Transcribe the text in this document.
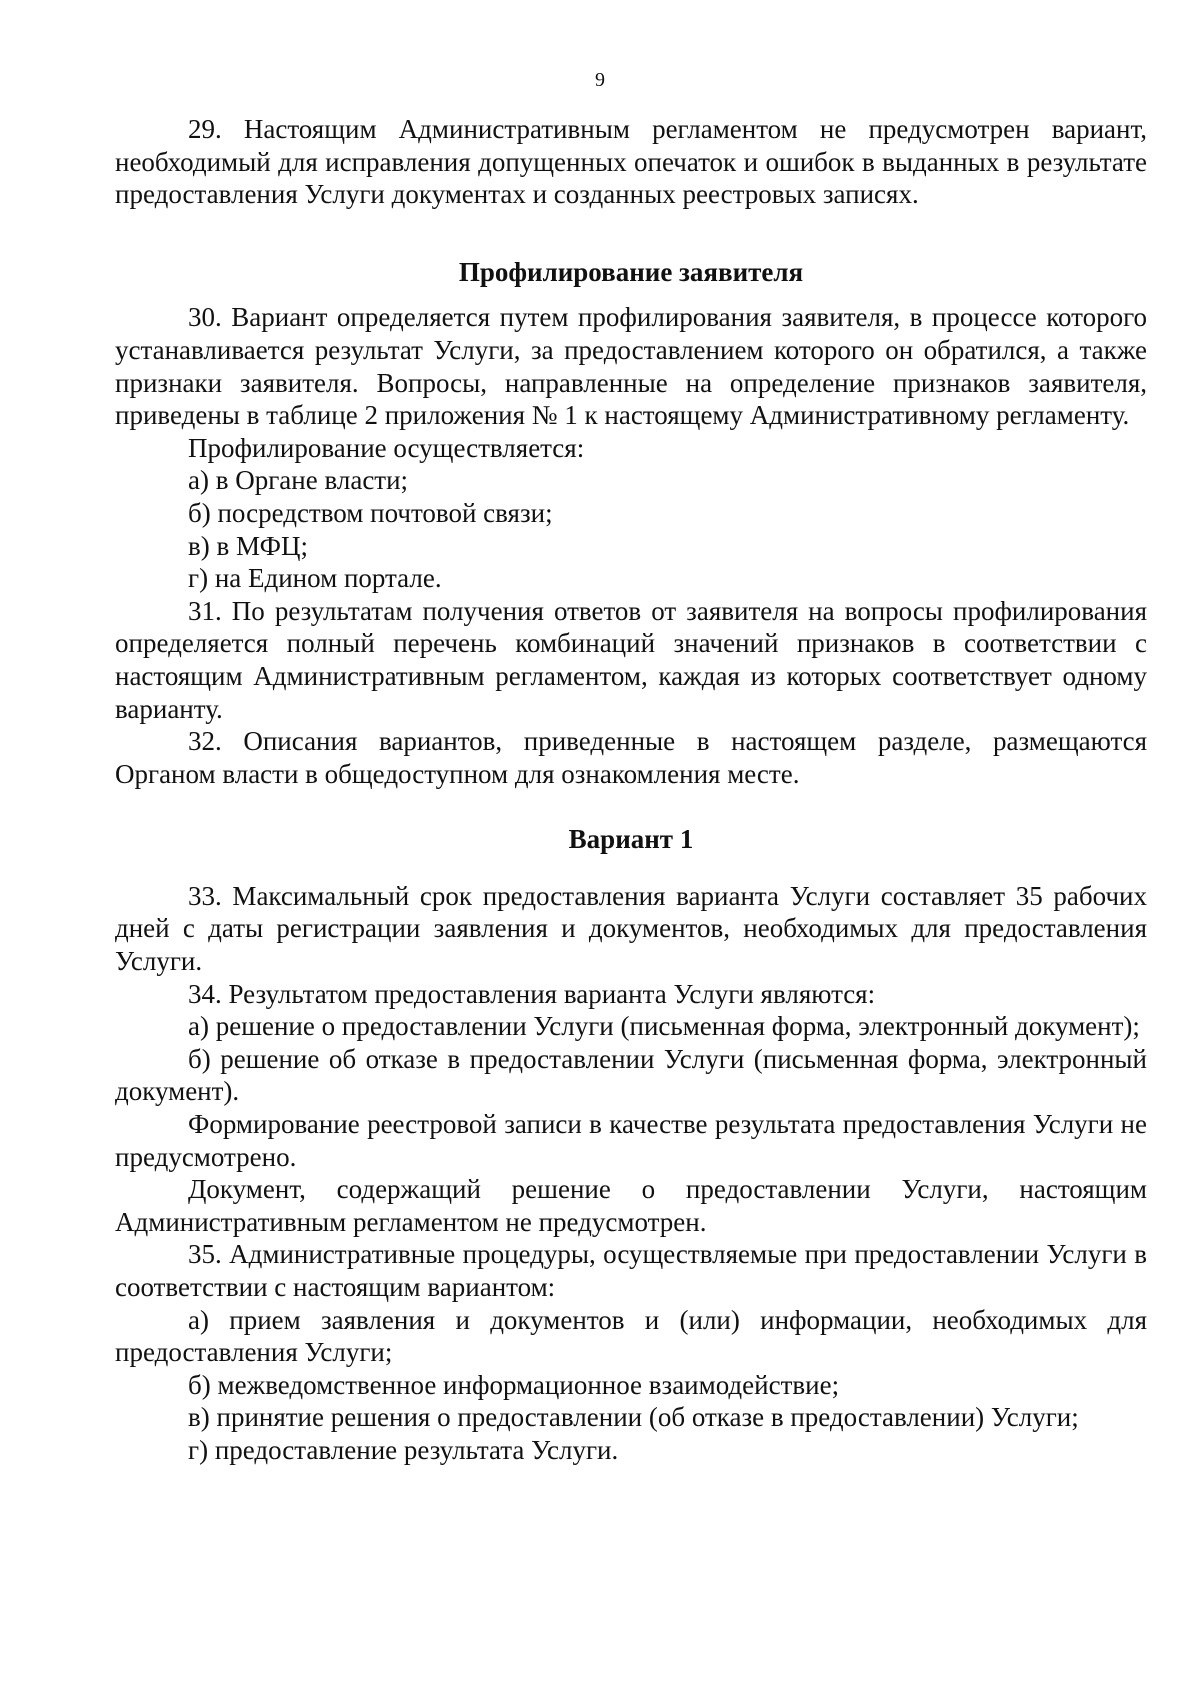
9

29. Настоящим Административным регламентом не предусмотрен вариант, необходимый для исправления допущенных опечаток и ошибок в выданных в результате предоставления Услуги документах и созданных реестровых записях.

Профилирование заявителя

30. Вариант определяется путем профилирования заявителя, в процессе которого устанавливается результат Услуги, за предоставлением которого он обратился, а также признаки заявителя. Вопросы, направленные на определение признаков заявителя, приведены в таблице 2 приложения № 1 к настоящему Административному регламенту.

Профилирование осуществляется:

а) в Органе власти;

б) посредством почтовой связи;

в) в МФЦ;

г) на Едином портале.

31. По результатам получения ответов от заявителя на вопросы профилирования определяется полный перечень комбинаций значений признаков в соответствии с настоящим Административным регламентом, каждая из которых соответствует одному варианту.

32. Описания вариантов, приведенные в настоящем разделе, размещаются Органом власти в общедоступном для ознакомления месте.

Вариант 1

33. Максимальный срок предоставления варианта Услуги составляет 35 рабочих дней с даты регистрации заявления и документов, необходимых для предоставления Услуги.

34. Результатом предоставления варианта Услуги являются:

а) решение о предоставлении Услуги (письменная форма, электронный документ);

б) решение об отказе в предоставлении Услуги (письменная форма, электронный документ).

Формирование реестровой записи в качестве результата предоставления Услуги не предусмотрено.

Документ, содержащий решение о предоставлении Услуги, настоящим Административным регламентом не предусмотрен.

35. Административные процедуры, осуществляемые при предоставлении Услуги в соответствии с настоящим вариантом:

а) прием заявления и документов и (или) информации, необходимых для предоставления Услуги;

б) межведомственное информационное взаимодействие;

в) принятие решения о предоставлении (об отказе в предоставлении) Услуги;

г) предоставление результата Услуги.
